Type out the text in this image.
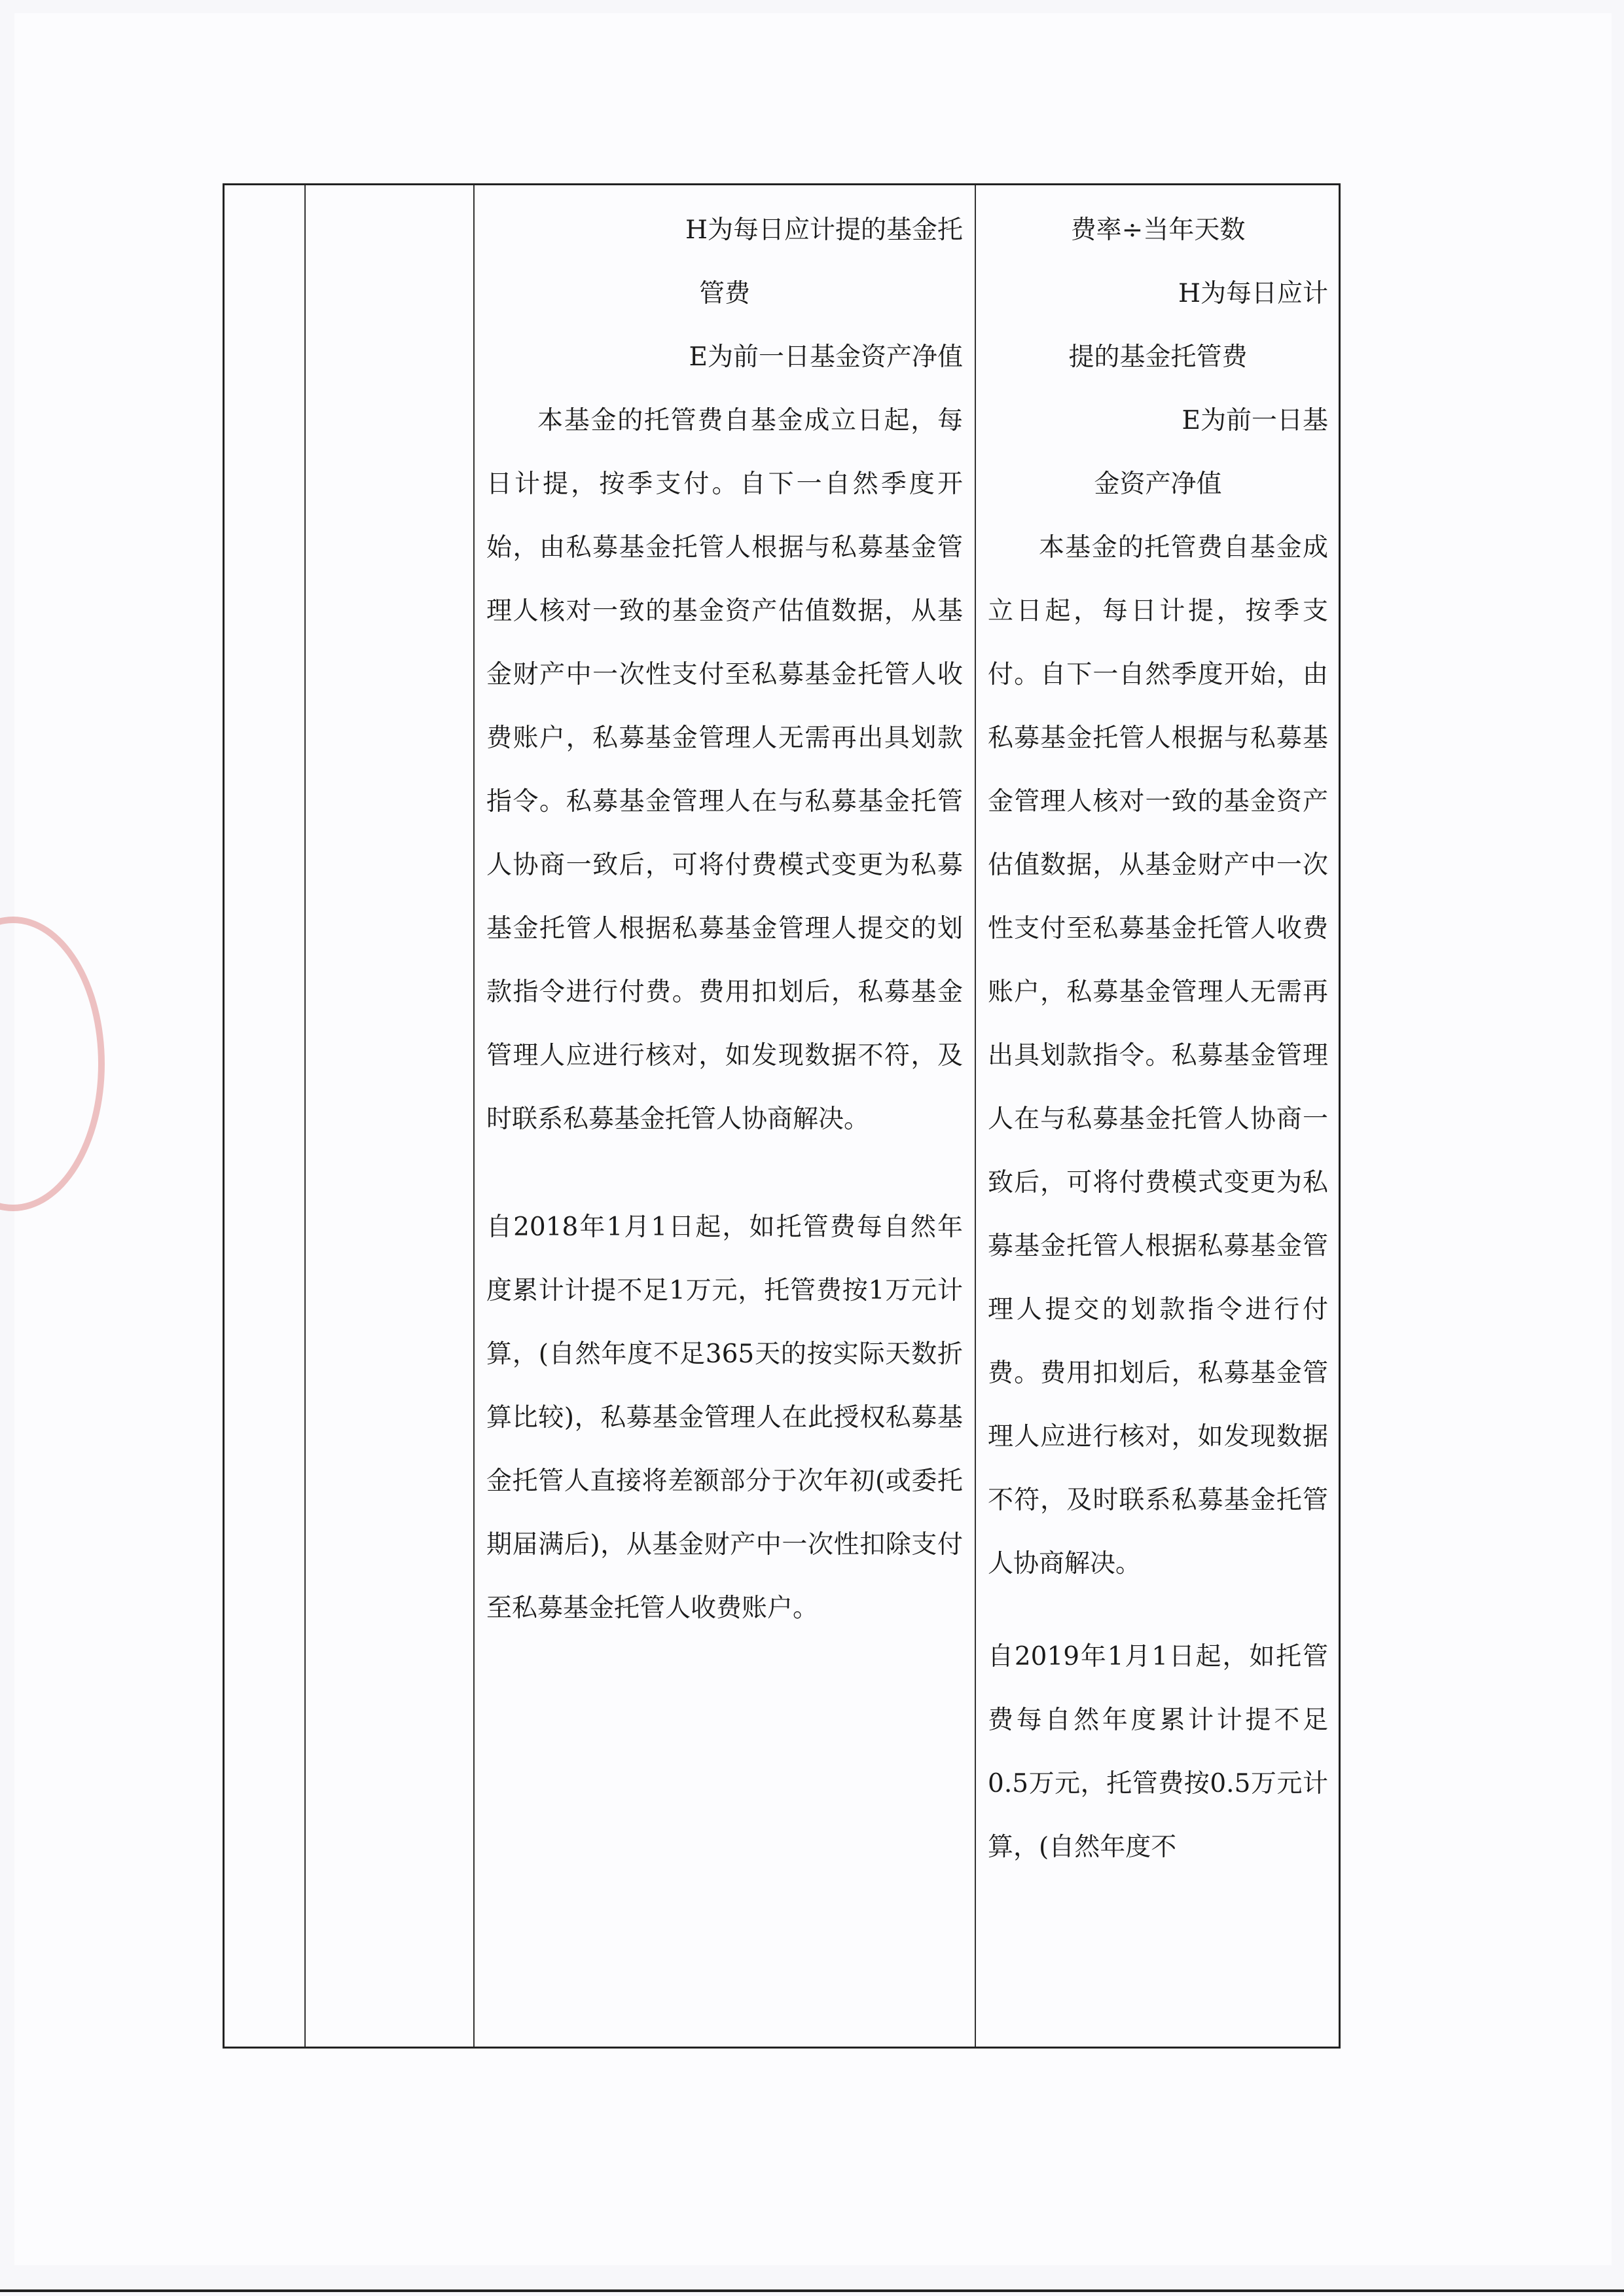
H为每日应计提的基金托

管费

E为前一日基金资产净值

本基金的托管费自基金成立日起，每日计提，按季支付。自下一自然季度开始，由私募基金托管人根据与私募基金管理人核对一致的基金资产估值数据，从基金财产中一次性支付至私募基金托管人收费账户，私募基金管理人无需再出具划款指令。私募基金管理人在与私募基金托管人协商一致后，可将付费模式变更为私募基金托管人根据私募基金管理人提交的划款指令进行付费。费用扣划后，私募基金管理人应进行核对，如发现数据不符，及时联系私募基金托管人协商解决。

自2018年1月1日起，如托管费每自然年度累计计提不足1万元，托管费按1万元计算，(自然年度不足365天的按实际天数折算比较)，私募基金管理人在此授权私募基金托管人直接将差额部分于次年初(或委托期届满后)，从基金财产中一次性扣除支付至私募基金托管人收费账户。

费率÷当年天数

H为每日应计

提的基金托管费

E为前一日基

金资产净值

本基金的托管费自基金成立日起，每日计提，按季支付。自下一自然季度开始，由私募基金托管人根据与私募基金管理人核对一致的基金资产估值数据，从基金财产中一次性支付至私募基金托管人收费账户，私募基金管理人无需再出具划款指令。私募基金管理人在与私募基金托管人协商一致后，可将付费模式变更为私募基金托管人根据私募基金管理人提交的划款指令进行付费。费用扣划后，私募基金管理人应进行核对，如发现数据不符，及时联系私募基金托管人协商解决。

自2019年1月1日起，如托管费每自然年度累计计提不足0.5万元，托管费按0.5万元计算，(自然年度不
